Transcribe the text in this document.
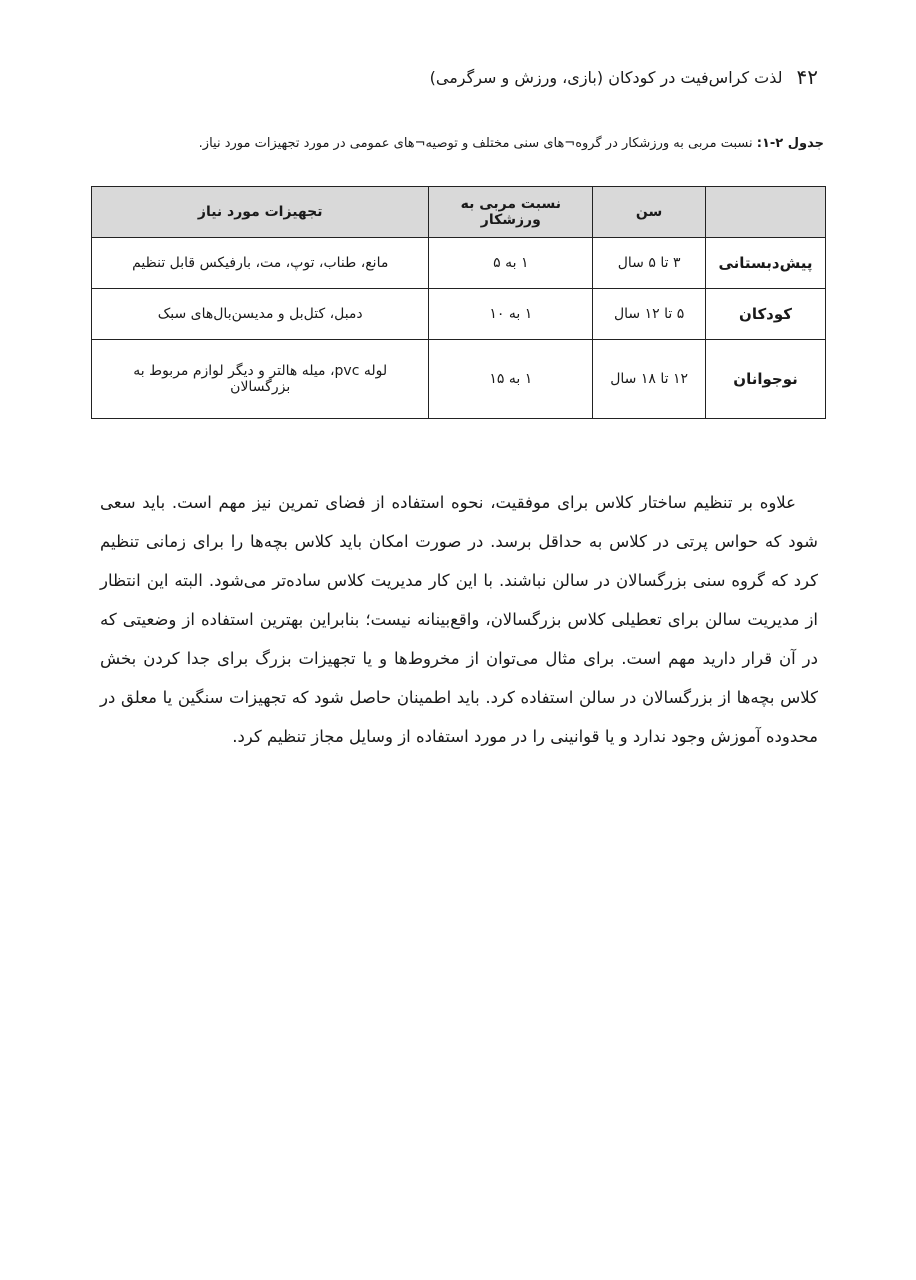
۴۲
لذت کراس‌فیت در کودکان (بازی، ورزش و سرگرمی)
جدول ۲-۱: نسبت مربی به ورزشکار در گروه¬های سنی مختلف و توصیه¬های عمومی در مورد تجهیزات مورد نیاز.
	سن	نسبت مربی به ورزشکار	تجهیزات مورد نیاز
پیش‌دبستانی	۳ تا ۵ سال	۱ به ۵	مانع، طناب، توپ، مت، بارفیکس قابل تنظیم
کودکان	۵ تا ۱۲ سال	۱ به ۱۰	دمبل، کتل‌بل و مدیسن‌بال‌های سبک
نوجوانان	۱۲ تا ۱۸ سال	۱ به ۱۵	لوله pvc، میله هالتر و دیگر لوازم مربوط به بزرگسالان
علاوه بر تنظیم ساختار کلاس برای موفقیت، نحوه استفاده از فضای تمرین نیز مهم است. باید سعی شود که حواس پرتی در کلاس به حداقل برسد. در صورت امکان باید کلاس بچه‌ها را برای زمانی تنظیم کرد که گروه سنی بزرگسالان در سالن نباشند. با این کار مدیریت کلاس ساده‌تر می‌شود. البته این انتظار از مدیریت سالن برای تعطیلی کلاس بزرگسالان، واقع‌بینانه نیست؛ بنابراین بهترین استفاده از وضعیتی که در آن قرار دارید مهم است. برای مثال می‌توان از مخروط‌ها و یا تجهیزات بزرگ برای جدا کردن بخش کلاس بچه‌ها از بزرگسالان در سالن استفاده کرد. باید اطمینان حاصل شود که تجهیزات سنگین یا معلق در محدوده آموزش وجود ندارد و یا قوانینی را در مورد استفاده از وسایل مجاز تنظیم کرد.
